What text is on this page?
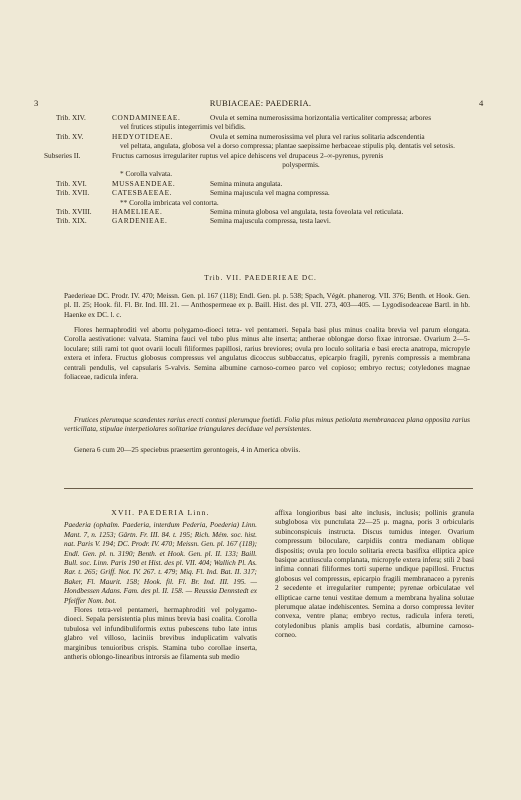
3	RUBIACEAE: PAEDERIA.	4
Trib. XIV.	CONDAMINEEAE.	Ovula et semina numerosissima horizontalia verticaliter compressa; arbores
vel frutices stipulis integerrimis vel bifidis.
Trib. XV.	HEDYOTIDEAE.	Ovula et semina numerosissima vel plura vel rarius solitaria adscendentia
vel peltata, angulata, globosa vel a dorso compressa; plantae saepissime herbaceae stipulis plq. dentatis vel setosis.
Subseries II.	Fructus carnosus irregulariter ruptus vel apice dehiscens vel drupaceus 2–∞-pyrenus, pyrenis
polyspermis.
* Corolla valvata.
Trib. XVI.	MUSSAENDEAE.	Semina minuta angulata.
Trib. XVII.	CATESBAEEAE.	Semina majuscula vel magna compressa.
** Corolla imbricata vel contorta.
Trib. XVIII.	HAMELIEAE.	Semina minuta globosa vel angulata, testa foveolata vel reticulata.
Trib. XIX.	GARDENIEAE.	Semina majuscula compressa, testa laevi.
Trib. VII. PAEDERIEAE DC.
Paederieae DC. Prodr. IV. 470; Meissn. Gen. pl. 167 (118); Endl. Gen. pl. p. 538; Spach, Végét. phanerog. VII. 376; Benth. et Hook. Gen. pl. II. 25; Hook. fil. Fl. Br. Ind. III. 21. — Anthospermeae ex p. Baill. Hist. des pl. VII. 273, 403—405. — Lygodisodeaceae Bartl. in hb. Haenke ex DC. l. c.
Flores hermaphroditi vel abortu polygamo-dioeci tetra- vel pentameri. Sepala basi plus minus coalita brevia vel parum elongata. Corolla aestivatione: valvata. Stamina fauci vel tubo plus minus alte inserta; antherae oblongae dorso fixae introrsae. Ovarium 2—5-loculare; stili rami tot quot ovarii loculi filiformes papillosi, rarius breviores; ovula pro loculo solitaria e basi erecta anatropa, micropyle extera et infera. Fructus globosus compressus vel angulatus dicoccus subbaccatus, epicarpio fragili, pyrenis compressis a membrana centrali pendulis, vel capsularis 5-valvis. Semina albumine carnoso-corneo parco vel copioso; embryo rectus; cotyledones magnae foliaceae, radicula infera.
Frutices plerumque scandentes rarius erecti contusi plerumque foetidi. Folia plus minus petiolata membranacea plana opposita rarius verticillata, stipulae interpetiolares solitariae triangulares deciduae vel persistentes.
Genera 6 cum 20—25 speciebus praesertim gerontogeis, 4 in America obviis.
XVII. PAEDERIA Linn.
Paederia (ophalm. Paederia, interdum Pederia, Poederia) Linn. Mant. 7, n. 1253; Gärtn. Fr. III. 84. t. 195; Rich. Mém. soc. hist. nat. Paris V. 194; DC. Prodr. IV. 470; Meissn. Gen. pl. 167 (118); Endl. Gen. pl. n. 3190; Benth. et Hook. Gen. pl. II. 133; Baill. Bull. soc. Linn. Paris 190 et Hist. des pl. VII. 404; Wallich Pl. As. Rar. t. 265; Griff. Not. IV. 267. t. 479; Miq. Fl. Ind. Bat. II. 317; Baker, Fl. Maurit. 158; Hook. fil. Fl. Br. Ind. III. 195. — Hondbessen Adans. Fam. des pl. II. 158. — Reussia Dennstedt ex Pfeiffer Nom. bot.
Flores tetra-vel pentameri, hermaphroditi vel polygamo-dioeci. Sepala persistentia plus minus brevia basi coalita. Corolla tubulosa vel infundibuliformis extus pubescens tubo late intus glabro vel villoso, laciniis brevibus induplicatim valvatis marginibus tenuioribus crispis. Stamina tubo corollae inserta, antheris oblongo-linearibus introrsis ae filamenta sub medio
affixa longioribus basi alte inclusis, inclusis; pollinis granula subglobosa vix punctulata 22—25 μ. magna, poris 3 orbicularis subinconspicuis instructa. Discus tumidus integer. Ovarium compressum biloculare, carpidiis contra medianam oblique dispositis; ovula pro loculo solitaria erecta basifixa elliptica apice basique acutiuscula complanata, micropyle extera infera; stili 2 basi infima connati filiformes torti superne undique papillosi. Fructus globosus vel compressus, epicarpio fragili membranaceo a pyrenis 2 secedente et irregulariter rumpente; pyrenae orbiculatae vel ellipticae carne tenui vestitae demum a membrana hyalina solutae plerumque alatae indehiscentes. Semina a dorso compressa leviter convexa, ventre plana; embryo rectus, radicula infera tereti, cotyledonibus planis amplis basi cordatis, albumine carnoso-corneo.
